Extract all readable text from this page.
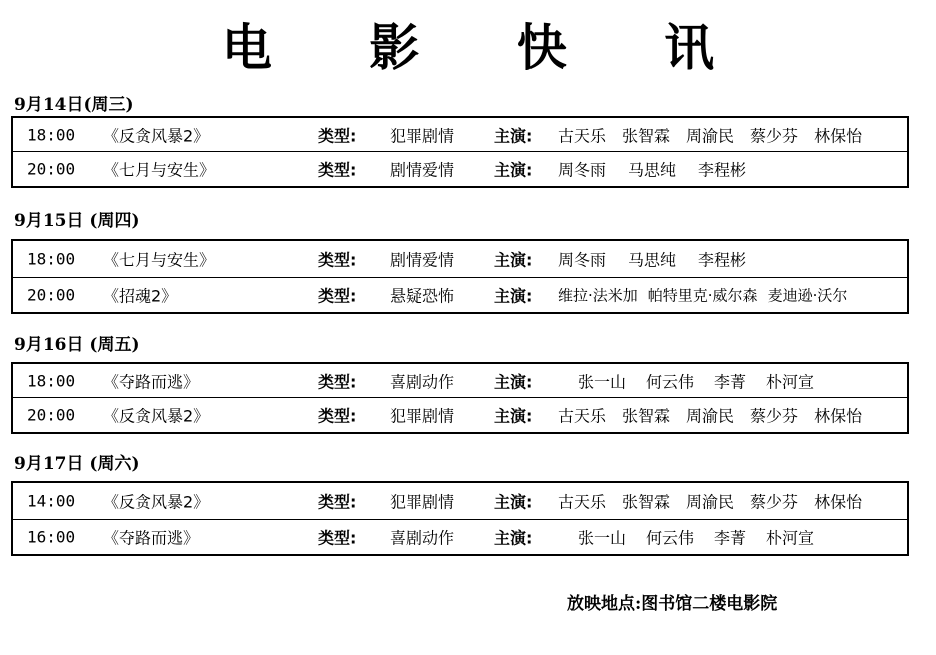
电 影 快 讯
9月14日(周三)
18:00 《反贪风暴2》	类型: 犯罪剧情 主演: 古天乐 张智霖 周渝民 蔡少芬 林保怡
20:00 《七月与安生》	类型: 剧情爱情 主演: 周冬雨 马思纯 李程彬
9月15日 (周四)
18:00 《七月与安生》	类型: 剧情爱情 主演: 周冬雨 马思纯 李程彬
20:00 《招魂2》	类型: 悬疑恐怖 主演: 维拉·法米加 帕特里克·威尔森 麦迪逊·沃尔
9月16日 (周五)
18:00 《夺路而逃》	类型: 喜剧动作 主演:	张一山 何云伟 李菁 朴河宣
20:00 《反贪风暴2》	类型: 犯罪剧情 主演: 古天乐 张智霖 周渝民 蔡少芬 林保怡
9月17日 (周六)
14:00 《反贪风暴2》	类型: 犯罪剧情 主演: 古天乐 张智霖 周渝民 蔡少芬 林保怡
16:00 《夺路而逃》	类型: 喜剧动作 主演:	张一山 何云伟 李菁 朴河宣
放映地点:图书馆二楼电影院
